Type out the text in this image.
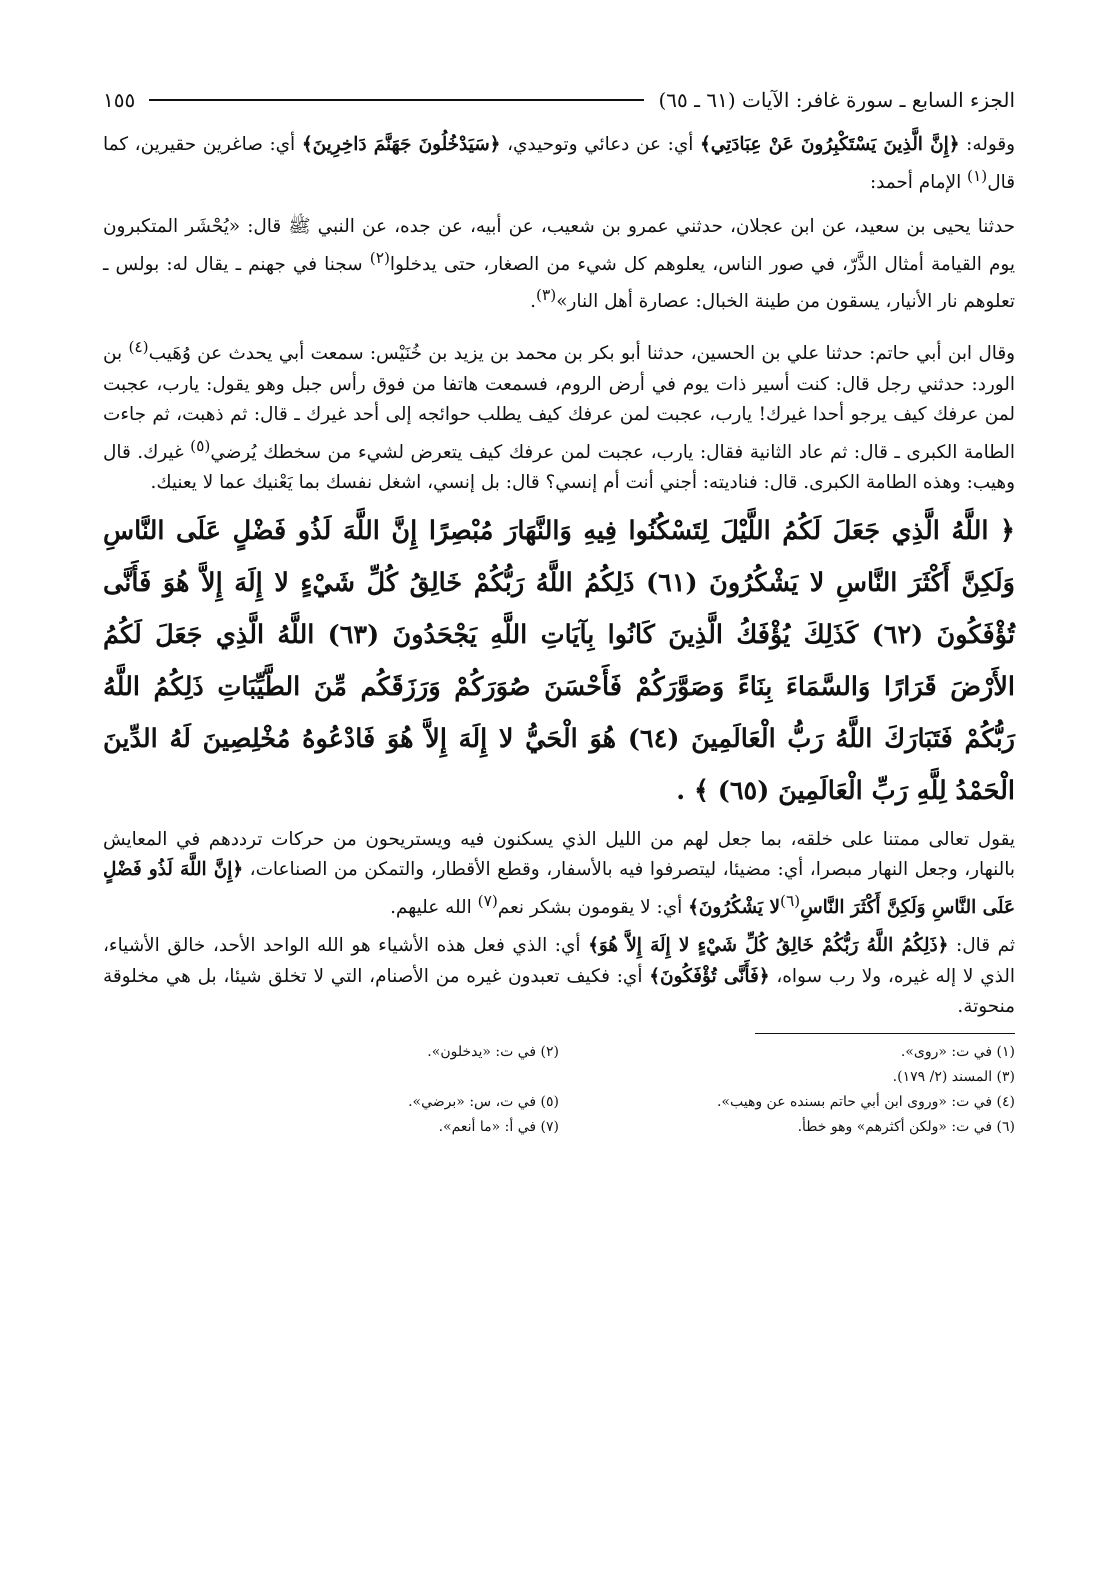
الجزء السابع ـ سورة غافر: الآيات (٦١ ـ ٦٥)
١٥٥

وقوله: ﴿إِنَّ الَّذِينَ يَسْتَكْبِرُونَ عَنْ عِبَادَتِي﴾ أي: عن دعائي وتوحيدي، ﴿سَيَدْخُلُونَ جَهَنَّمَ دَاخِرِينَ﴾ أي: صاغرين حقيرين، كما قال$^{(١)}$ الإمام أحمد:

حدثنا يحيى بن سعيد، عن ابن عجلان، حدثني عمرو بن شعيب، عن أبيه، عن جده، عن النبي ﷺ قال: «يُحْشَر المتكبرون يوم القيامة أمثال الذَّرّ، في صور الناس، يعلوهم كل شيء من الصغار، حتى يدخلوا$^{(٢)}$ سجنا في جهنم ـ يقال له: بولس ـ تعلوهم نار الأنيار، يسقون من طينة الخبال: عصارة أهل النار»$^{(٣)}$.

وقال ابن أبي حاتم: حدثنا علي بن الحسين، حدثنا أبو بكر بن محمد بن يزيد بن خُنَيْس: سمعت أبي يحدث عن وُهَيب$^{(٤)}$ بن الورد: حدثني رجل قال: كنت أسير ذات يوم في أرض الروم، فسمعت هاتفا من فوق رأس جبل وهو يقول: يارب، عجبت لمن عرفك كيف يرجو أحدا غيرك! يارب، عجبت لمن عرفك كيف يطلب حوائجه إلى أحد غيرك ـ قال: ثم ذهبت، ثم جاءت الطامة الكبرى ـ قال: ثم عاد الثانية فقال: يارب، عجبت لمن عرفك كيف يتعرض لشيء من سخطك يُرضي$^{(٥)}$ غيرك. قال وهيب: وهذه الطامة الكبرى. قال: فناديته: أجني أنت أم إنسي؟ قال: بل إنسي، اشغل نفسك بما يَعْنيك عما لا يعنيك.

﴿ اللَّهُ الَّذِي جَعَلَ لَكُمُ اللَّيْلَ لِتَسْكُنُوا فِيهِ وَالنَّهَارَ مُبْصِرًا إِنَّ اللَّهَ لَذُو فَضْلٍ عَلَى النَّاسِ وَلَكِنَّ أَكْثَرَ النَّاسِ لا يَشْكُرُونَ (٦١) ذَلِكُمُ اللَّهُ رَبُّكُمْ خَالِقُ كُلِّ شَيْءٍ لا إِلَهَ إِلاَّ هُوَ فَأَنَّى تُؤْفَكُونَ (٦٢) كَذَلِكَ يُؤْفَكُ الَّذِينَ كَانُوا بِآيَاتِ اللَّهِ يَجْحَدُونَ (٦٣) اللَّهُ الَّذِي جَعَلَ لَكُمُ الأَرْضَ قَرَارًا وَالسَّمَاءَ بِنَاءً وَصَوَّرَكُمْ فَأَحْسَنَ صُوَرَكُمْ وَرَزَقَكُم مِّنَ الطَّيِّبَاتِ ذَلِكُمُ اللَّهُ رَبُّكُمْ فَتَبَارَكَ اللَّهُ رَبُّ الْعَالَمِينَ (٦٤) هُوَ الْحَيُّ لا إِلَهَ إِلاَّ هُوَ فَادْعُوهُ مُخْلِصِينَ لَهُ الدِّينَ الْحَمْدُ لِلَّهِ رَبِّ الْعَالَمِينَ (٦٥) ﴾ .

يقول تعالى ممتنا على خلقه، بما جعل لهم من الليل الذي يسكنون فيه ويستريحون من حركات ترددهم في المعايش بالنهار، وجعل النهار مبصرا، أي: مضيئا، ليتصرفوا فيه بالأسفار، وقطع الأقطار، والتمكن من الصناعات، ﴿إِنَّ اللَّهَ لَذُو فَضْلٍ عَلَى النَّاسِ وَلَكِنَّ أَكْثَرَ النَّاسِ$^{(٦)}$لا يَشْكُرُونَ﴾ أي: لا يقومون بشكر نعم$^{(٧)}$ الله عليهم.

ثم قال: ﴿ذَلِكُمُ اللَّهُ رَبُّكُمْ خَالِقُ كُلِّ شَيْءٍ لا إِلَهَ إِلاَّ هُوَ﴾ أي: الذي فعل هذه الأشياء هو الله الواحد الأحد، خالق الأشياء، الذي لا إله غيره، ولا رب سواه، ﴿فَأَنَّى تُؤْفَكُونَ﴾ أي: فكيف تعبدون غيره من الأصنام، التي لا تخلق شيئا، بل هي مخلوقة منحوتة.

(١) في ت: «روى».
(٢) في ت: «يدخلون».
(٣) المسند (٢/ ١٧٩).
(٤) في ت: «وروى ابن أبي حاتم بسنده عن وهيب».
(٥) في ت، س: «برضي».
(٦) في ت: «ولكن أكثرهم» وهو خطأ.
(٧) في أ: «ما أنعم».
